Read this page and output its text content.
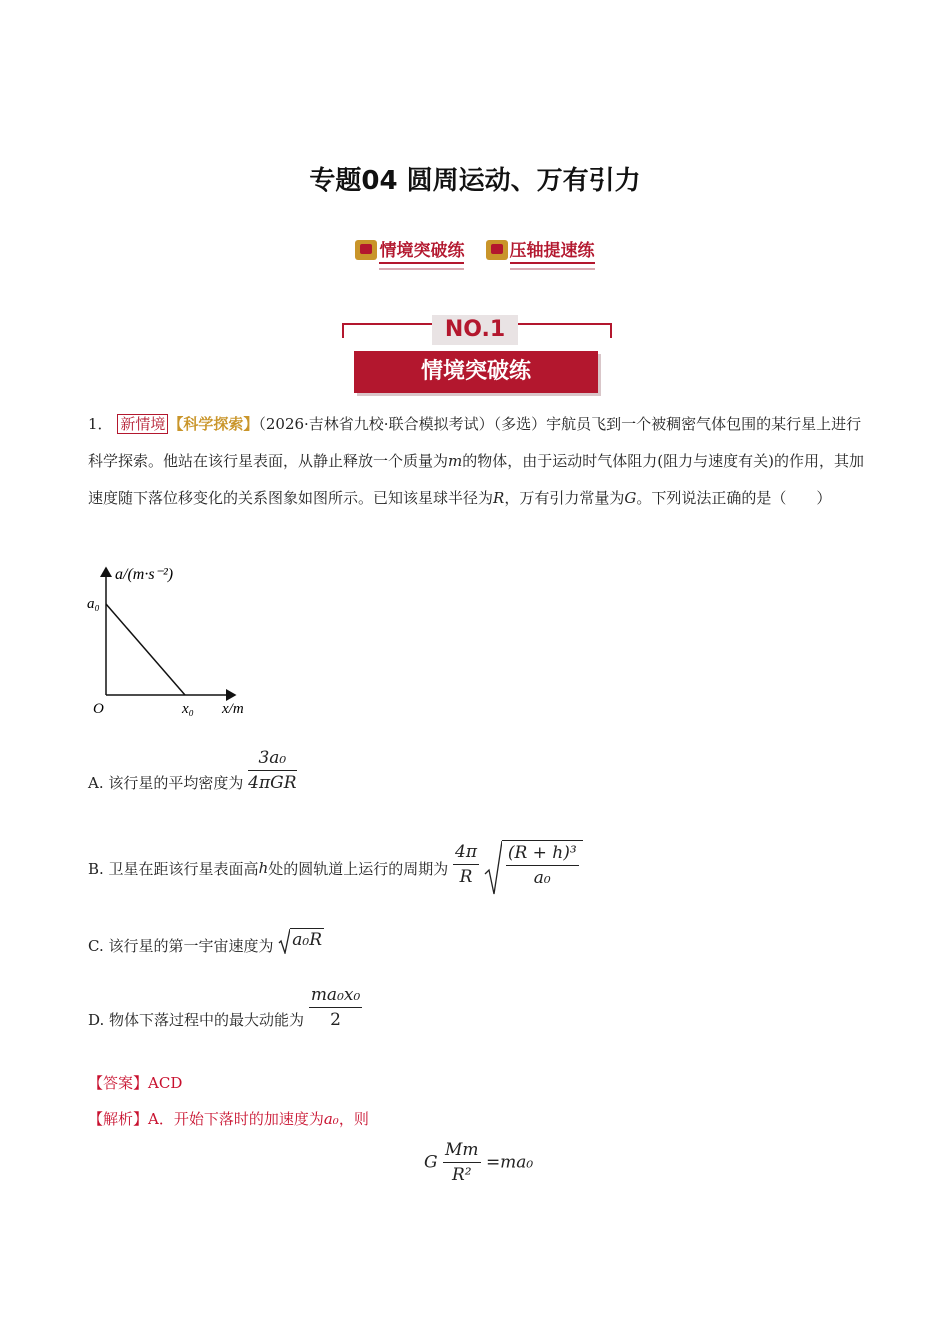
专题04 圆周运动、万有引力
情境突破练
	压轴提速练
NO.1
情境突破练
1． 新情境 【科学探索】（2026·吉林省九校·联合模拟考试）（多选）宇航员飞到一个被稠密气体包围的某行星上进行科学探索。他站在该行星表面，从静止释放一个质量为m的物体，由于运动时气体阻力(阻力与速度有关)的作用，其加速度随下落位移变化的关系图象如图所示。已知该星球半径为R，万有引力常量为G。下列说法正确的是（　　）
a/(m·s⁻²)
a₀
O	x₀ x/m
A. 该行星的平均密度为 $\frac{\text{3a₀}}{\text{4πGR}}$
B. 卫星在距该行星表面高h处的圆轨道上运行的周期为 $\frac{4\pi}{R}$
$\frac{\text{(R + h)³}}{\text{a₀}}$
C. 该行星的第一宇宙速度为 a₀R
D. 物体下落过程中的最大动能为 $\frac{\text{ma₀x₀}}{2}$
【答案】ACD
【解析】A．开始下落时的加速度为a₀，则
G $\frac{Mm}{\text{R²}} =ma_0$
